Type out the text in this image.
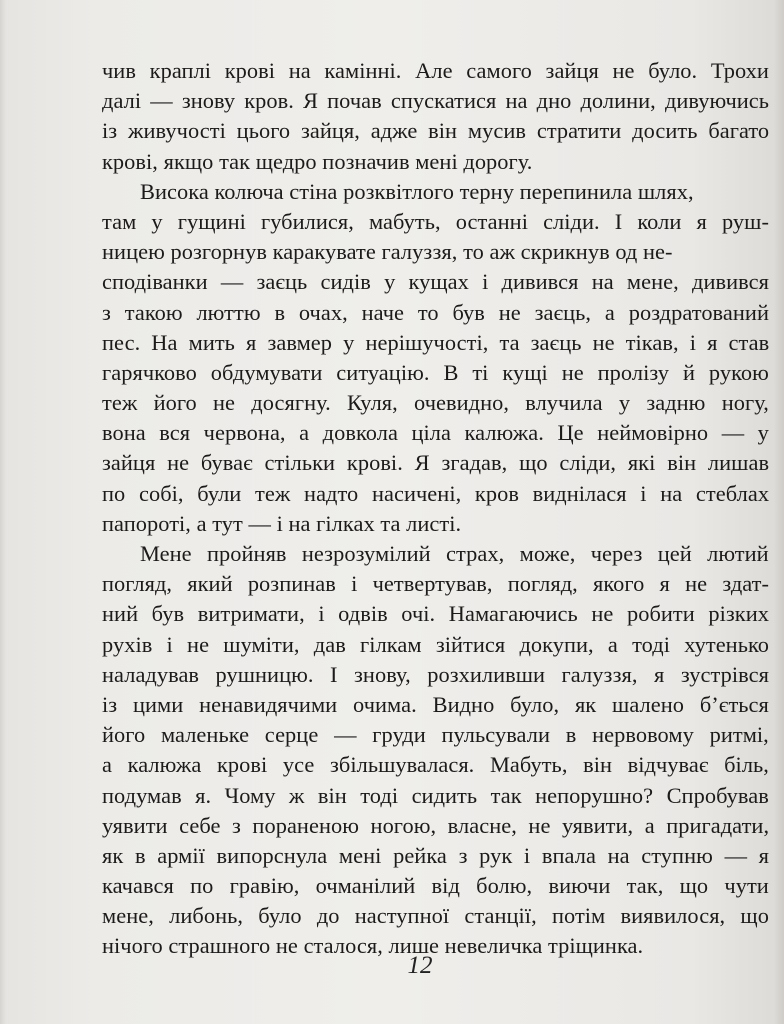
чив краплі крові на камінні. Але самого зайця не було. Трохи
далі — знову кров. Я почав спускатися на дно долини, дивуючись
із живучості цього зайця, адже він мусив стратити досить багато
крові, якщо так щедро позначив мені дорогу.
Висока колюча стіна розквітлого терну перепинила шлях,
там у гущині губилися, мабуть, останні сліди. І коли я руш-
ницею розгорнув каракувате галуззя, то аж скрикнув од не-
сподіванки — заєць сидів у кущах і дивився на мене, дивився
з такою люттю в очах, наче то був не заєць, а роздратований
пес. На мить я завмер у нерішучості, та заєць не тікав, і я став
гарячково обдумувати ситуацію. В ті кущі не пролізу й рукою
теж його не досягну. Куля, очевидно, влучила у задню ногу,
вона вся червона, а довкола ціла калюжа. Це неймовірно — у
зайця не буває стільки крові. Я згадав, що сліди, які він лишав
по собі, були теж надто насичені, кров виднілася і на стеблах
папороті, а тут — і на гілках та листі.
Мене пройняв незрозумілий страх, може, через цей лютий
погляд, який розпинав і четвертував, погляд, якого я не здат-
ний був витримати, і одвів очі. Намагаючись не робити різких
рухів і не шуміти, дав гілкам зійтися докупи, а тоді хутенько
наладував рушницю. І знову, розхиливши галуззя, я зустрівся
із цими ненавидячими очима. Видно було, як шалено б’ється
його маленьке серце — груди пульсували в нервовому ритмі,
а калюжа крові усе збільшувалася. Мабуть, він відчуває біль,
подумав я. Чому ж він тоді сидить так непорушно? Спробував
уявити себе з пораненою ногою, власне, не уявити, а пригадати,
як в армії випорснула мені рейка з рук і впала на ступню — я
качався по гравію, очманілий від болю, виючи так, що чути
мене, либонь, було до наступної станції, потім виявилося, що
нічого страшного не сталося, лише невеличка тріщинка.
12
